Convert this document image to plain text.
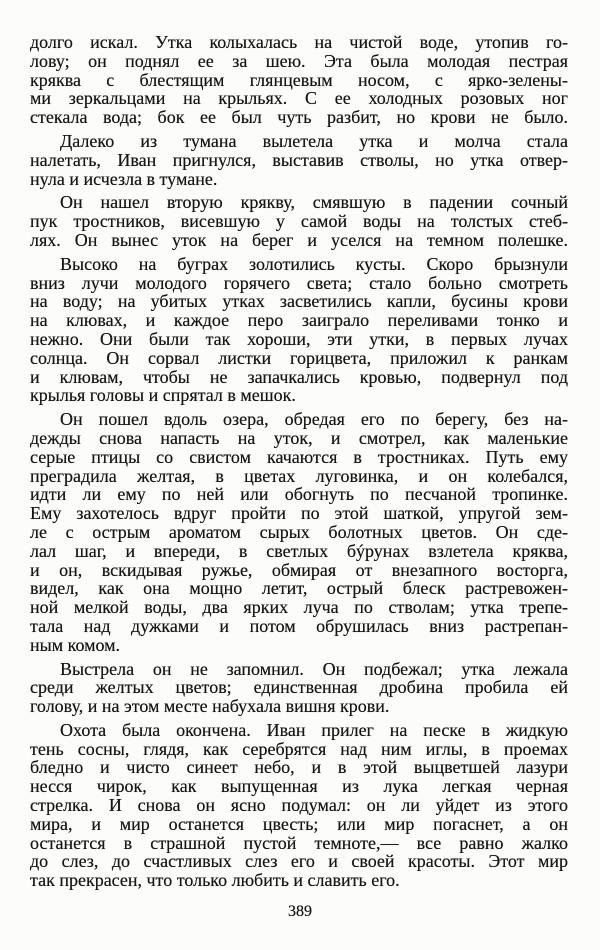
долго искал. Утка колыхалась на чистой воде, утопив го-
лову; он поднял ее за шею. Эта была молодая пестрая
кряква с блестящим глянцевым носом, с ярко-зелены-
ми зеркальцами на крыльях. С ее холодных розовых ног
стекала вода; бок ее был чуть разбит, но крови не было.
Далеко из тумана вылетела утка и молча стала
налетать, Иван пригнулся, выставив стволы, но утка отвер-
нула и исчезла в тумане.
Он нашел вторую крякву, смявшую в падении сочный
пук тростников, висевшую у самой воды на толстых стеб-
лях. Он вынес уток на берег и уселся на темном полешке.
Высоко на буграх золотились кусты. Скоро брызнули
вниз лучи молодого горячего света; стало больно смотреть
на воду; на убитых утках засветились капли, бусины крови
на клювах, и каждое перо заиграло переливами тонко и
нежно. Они были так хороши, эти утки, в первых лучах
солнца. Он сорвал листки горицвета, приложил к ранкам
и клювам, чтобы не запачкались кровью, подвернул под
крылья головы и спрятал в мешок.
Он пошел вдоль озера, обредая его по берегу, без на-
дежды снова напасть на уток, и смотрел, как маленькие
серые птицы со свистом качаются в тростниках. Путь ему
преградила желтая, в цветах луговинка, и он колебался,
идти ли ему по ней или обогнуть по песчаной тропинке.
Ему захотелось вдруг пройти по этой шаткой, упругой зем-
ле с острым ароматом сырых болотных цветов. Он сде-
лал шаг, и впереди, в светлых бýрунах взлетела кряква,
и он, вскидывая ружье, обмирая от внезапного восторга,
видел, как она мощно летит, острый блеск растревожен-
ной мелкой воды, два ярких луча по стволам; утка трепе-
тала над дужками и потом обрушилась вниз растрепан-
ным комом.
Выстрела он не запомнил. Он подбежал; утка лежала
среди желтых цветов; единственная дробина пробила ей
голову, и на этом месте набухала вишня крови.
Охота была окончена. Иван прилег на песке в жидкую
тень сосны, глядя, как серебрятся над ним иглы, в проемах
бледно и чисто синеет небо, и в этой выцветшей лазури
несся чирок, как выпущенная из лука легкая черная
стрелка. И снова он ясно подумал: он ли уйдет из этого
мира, и мир останется цвесть; или мир погаснет, а он
останется в страшной пустой темноте,— все равно жалко
до слез, до счастливых слез его и своей красоты. Этот мир
так прекрасен, что только любить и славить его.
389
